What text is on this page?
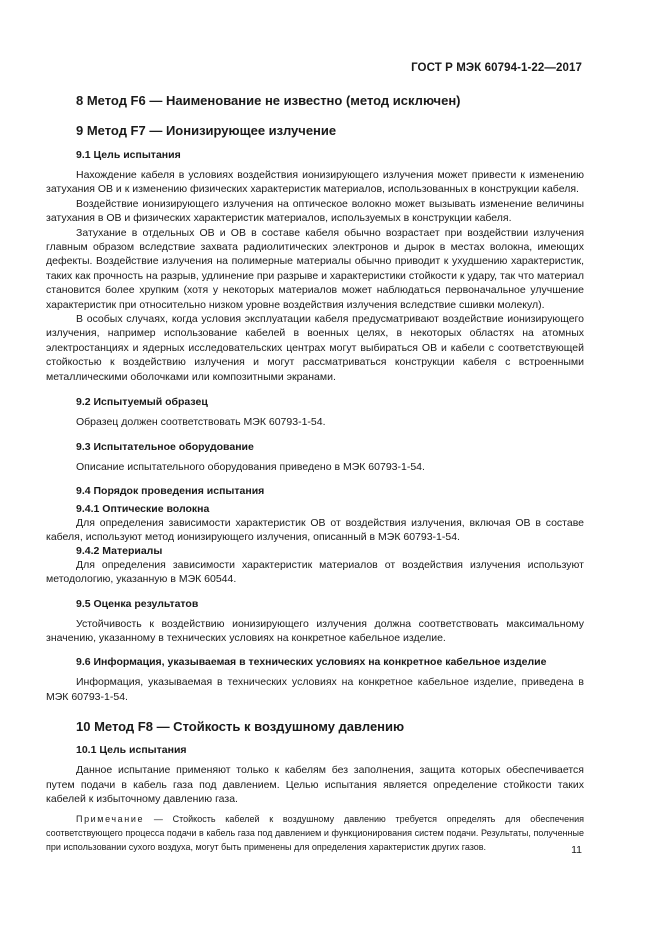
ГОСТ Р МЭК 60794-1-22—2017
8 Метод F6 — Наименование не известно (метод исключен)
9 Метод F7 — Ионизирующее излучение
9.1 Цель испытания

Нахождение кабеля в условиях воздействия ионизирующего излучения может привести к изменению затухания ОВ и к изменению физических характеристик материалов, использованных в конструкции кабеля.

Воздействие ионизирующего излучения на оптическое волокно может вызывать изменение величины затухания в ОВ и физических характеристик материалов, используемых в конструкции кабеля.

Затухание в отдельных ОВ и ОВ в составе кабеля обычно возрастает при воздействии излучения главным образом вследствие захвата радиолитических электронов и дырок в местах волокна, имеющих дефекты. Воздействие излучения на полимерные материалы обычно приводит к ухудшению характеристик, таких как прочность на разрыв, удлинение при разрыве и характеристики стойкости к удару, так что материал становится более хрупким (хотя у некоторых материалов может наблюдаться первоначальное улучшение характеристик при относительно низком уровне воздействия излучения вследствие сшивки молекул).

В особых случаях, когда условия эксплуатации кабеля предусматривают воздействие ионизирующего излучения, например использование кабелей в военных целях, в некоторых областях на атомных электростанциях и ядерных исследовательских центрах могут выбираться ОВ и кабели с соответствующей стойкостью к воздействию излучения и могут рассматриваться конструкции кабеля с встроенными металлическими оболочками или композитными экранами.

9.2 Испытуемый образец

Образец должен соответствовать МЭК 60793-1-54.

9.3 Испытательное оборудование

Описание испытательного оборудования приведено в МЭК 60793-1-54.

9.4 Порядок проведения испытания
9.4.1 Оптические волокна

Для определения зависимости характеристик ОВ от воздействия излучения, включая ОВ в составе кабеля, используют метод ионизирующего излучения, описанный в МЭК 60793-1-54.

9.4.2 Материалы

Для определения зависимости характеристик материалов от воздействия излучения используют методологию, указанную в МЭК 60544.

9.5 Оценка результатов

Устойчивость к воздействию ионизирующего излучения должна соответствовать максимальному значению, указанному в технических условиях на конкретное кабельное изделие.

9.6 Информация, указываемая в технических условиях на конкретное кабельное изделие

Информация, указываемая в технических условиях на конкретное кабельное изделие, приведена в МЭК 60793-1-54.

10 Метод F8 — Стойкость к воздушному давлению
10.1 Цель испытания

Данное испытание применяют только к кабелям без заполнения, защита которых обеспечивается путем подачи в кабель газа под давлением. Целью испытания является определение стойкости таких кабелей к избыточному давлению газа.

Примечание — Стойкость кабелей к воздушному давлению требуется определять для обеспечения соответствующего процесса подачи в кабель газа под давлением и функционирования систем подачи. Результаты, полученные при использовании сухого воздуха, могут быть применены для определения характеристик других газов.	11
